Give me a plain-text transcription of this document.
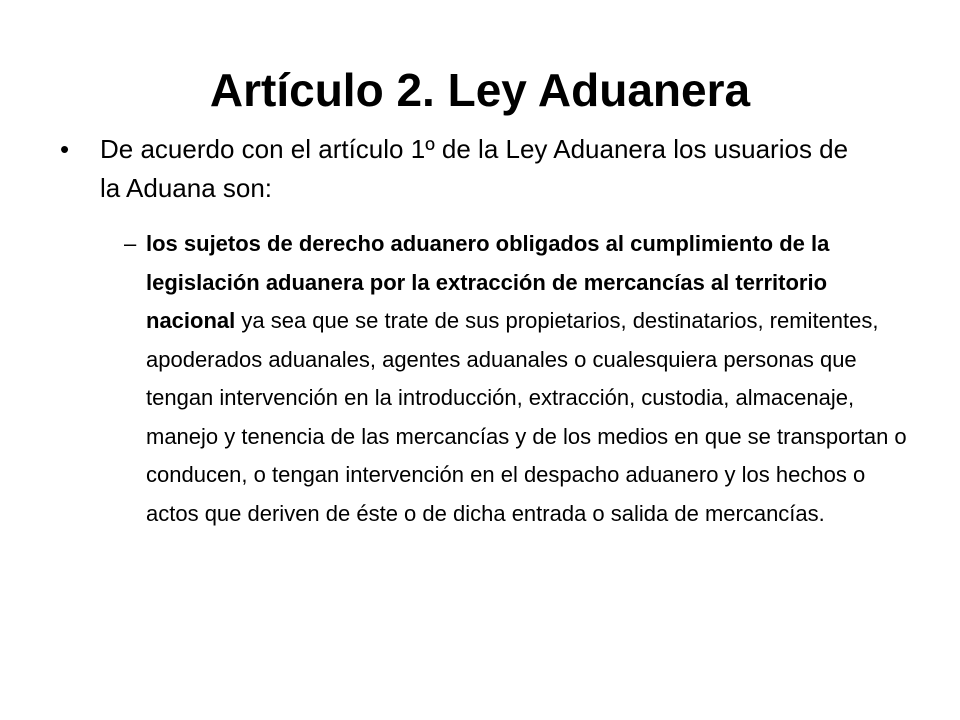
Artículo 2. Ley Aduanera
• De acuerdo con el artículo 1º de la Ley Aduanera los usuarios de la Aduana son:
– los sujetos de derecho aduanero obligados al cumplimiento de la legislación aduanera por la extracción de mercancías al territorio nacional ya sea que se trate de sus propietarios, destinatarios, remitentes, apoderados aduanales, agentes aduanales o cualesquiera personas que tengan intervención en la introducción, extracción, custodia, almacenaje, manejo y tenencia de las mercancías y de los medios en que se transportan o conducen, o tengan intervención en el despacho aduanero y los hechos o actos que deriven de éste o de dicha entrada o salida de mercancías.
